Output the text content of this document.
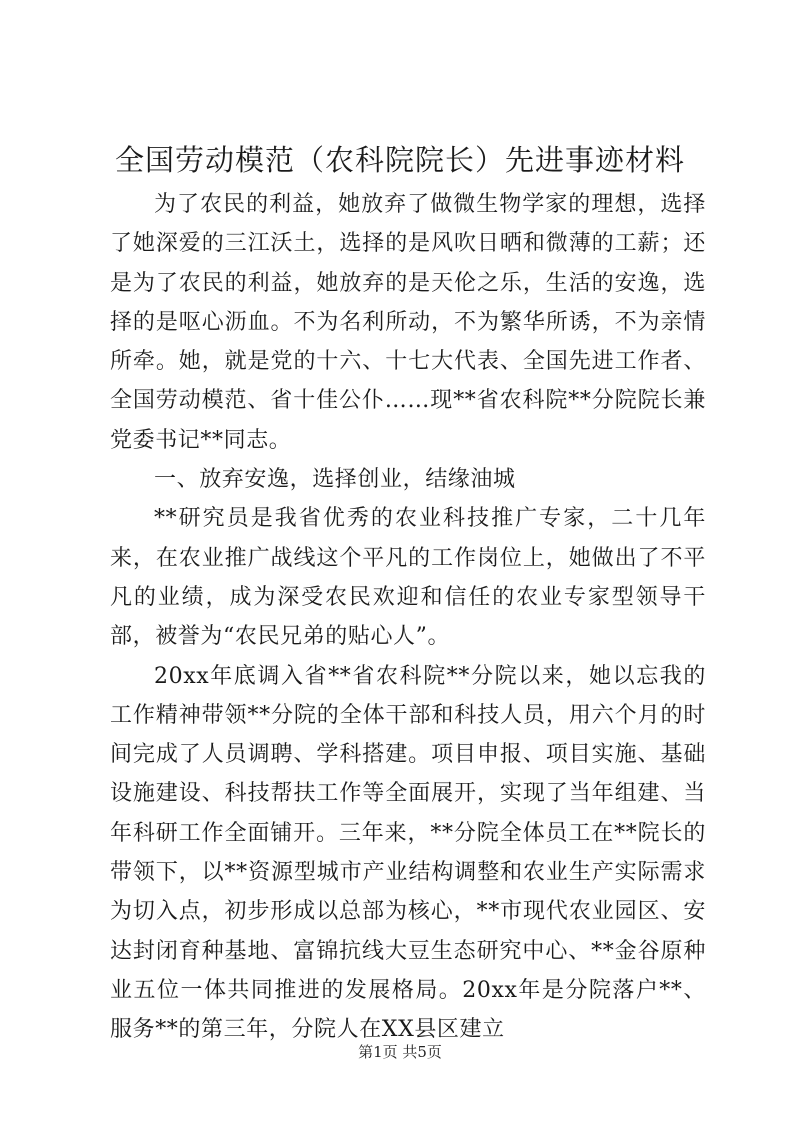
全国劳动模范（农科院院长）先进事迹材料

为了农民的利益，她放弃了做微生物学家的理想，选择了她深爱的三江沃土，选择的是风吹日晒和微薄的工薪；还是为了农民的利益，她放弃的是天伦之乐，生活的安逸，选择的是呕心沥血。不为名利所动，不为繁华所诱，不为亲情所牵。她，就是党的十六、十七大代表、全国先进工作者、全国劳动模范、省十佳公仆……现**省农科院**分院院长兼党委书记**同志。

一、放弃安逸，选择创业，结缘油城

**研究员是我省优秀的农业科技推广专家，二十几年来，在农业推广战线这个平凡的工作岗位上，她做出了不平凡的业绩，成为深受农民欢迎和信任的农业专家型领导干部，被誉为“农民兄弟的贴心人”。

20xx年底调入省**省农科院**分院以来，她以忘我的工作精神带领**分院的全体干部和科技人员，用六个月的时间完成了人员调聘、学科搭建。项目申报、项目实施、基础设施建设、科技帮扶工作等全面展开，实现了当年组建、当年科研工作全面铺开。三年来，**分院全体员工在**院长的带领下，以**资源型城市产业结构调整和农业生产实际需求为切入点，初步形成以总部为核心，**市现代农业园区、安达封闭育种基地、富锦抗线大豆生态研究中心、**金谷原种业五位一体共同推进的发展格局。20xx年是分院落户**、服务**的第三年，分院人在XX县区建立

第1页 共5页
